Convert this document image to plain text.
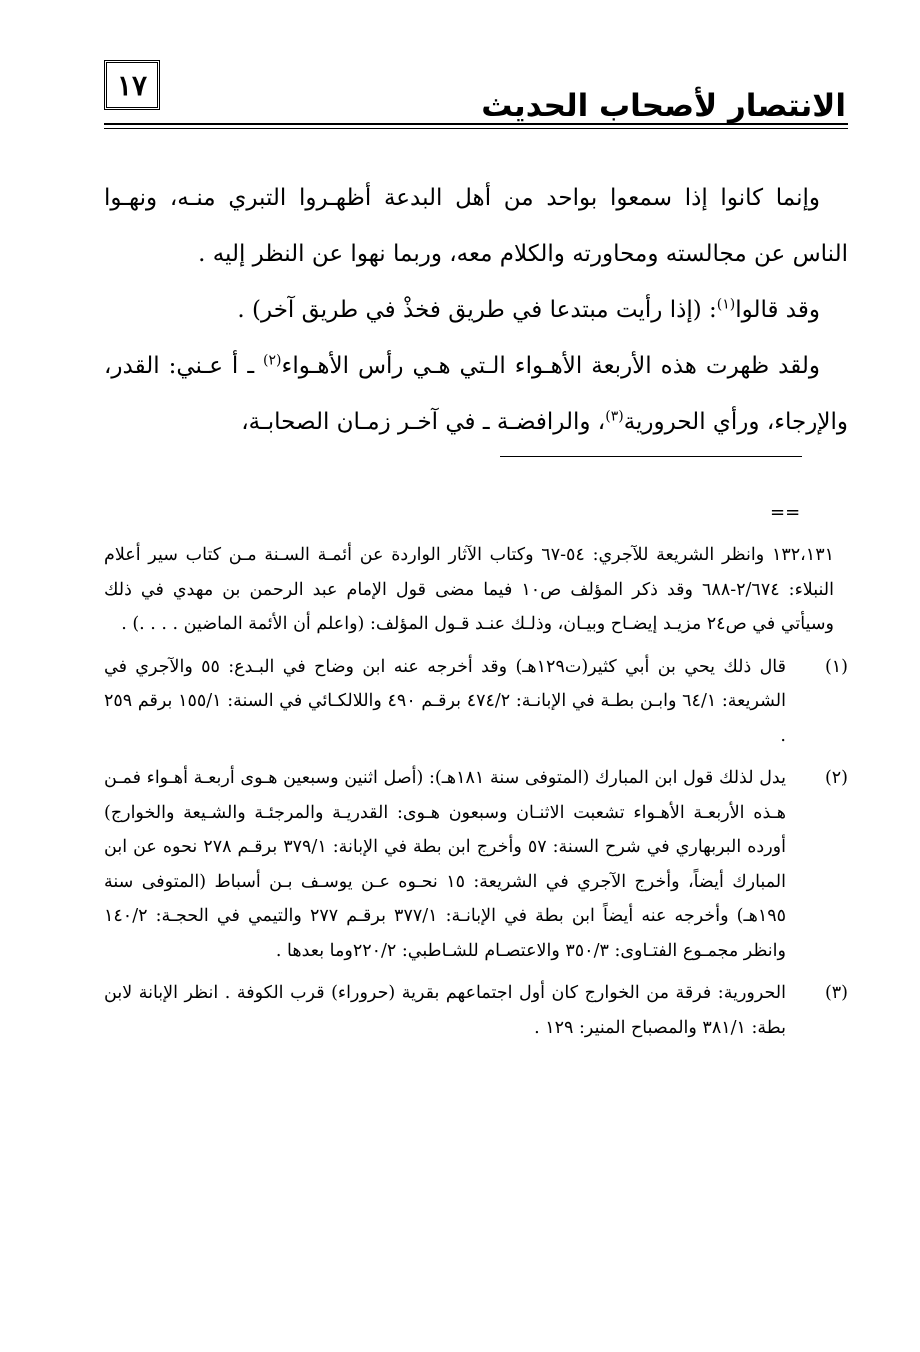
١٧
الانتصار لأصحاب الحديث

وإنما كانوا إذا سمعوا بواحد من أهل البدعة أظهـروا التبري منـه، ونهـوا الناس عن مجالسته ومحاورته والكلام معه، وربما نهوا عن النظر إليه .

وقد قالوا$^{(١)}$: (إذا رأيت مبتدعا في طريق فخذْ في طريق آخر) .

ولقد ظهرت هذه الأربعة الأهـواء الـتي هـي رأس الأهـواء$^{(٢)}$ ـ أ عـني: القدر، والإرجاء، ورأي الحرورية$^{(٣)}$، والرافضـة ـ في آخـر زمـان الصحابـة،

==

١٣٢،١٣١ وانظر الشريعة للآجري: ٥٤-٦٧ وكتاب الآثار الواردة عن أئمـة السـنة مـن كتاب سير أعلام النبلاء: ٢/٦٧٤-٦٨٨ وقد ذكر المؤلف ص١٠ فيما مضى قول الإمام عبد الرحمن بن مهدي في ذلك وسيأتي في ص٢٤ مزيـد إيضـاح وبيـان، وذلـك عنـد قـول المؤلف: (واعلم أن الأئمة الماضين . . . .) .

(١)

قال ذلك يحي بن أبي كثير(ت١٢٩هـ) وقد أخرجه عنه ابن وضاح في البـدع: ٥٥ والآجري في الشريعة: ٦٤/١ وابـن بطـة في الإبانـة: ٤٧٤/٢ برقـم ٤٩٠ واللالكـائي في السنة: ١٥٥/١ برقم ٢٥٩ .

(٢)

يدل لذلك قول ابن المبارك (المتوفى سنة ١٨١هـ): (أصل اثنين وسبعين هـوى أربعـة أهـواء فمـن هـذه الأربعـة الأهـواء تشعبت الاثنـان وسبعون هـوى: القدريـة والمرجئـة والشـيعة والخوارج) أورده البربهاري في شرح السنة: ٥٧ وأخرج ابن بطة في الإبانة: ٣٧٩/١ برقـم ٢٧٨ نحوه عن ابن المبارك أيضاً، وأخرج الآجري في الشريعة: ١٥ نحـوه عـن يوسـف بـن أسباط (المتوفى سنة ١٩٥هـ) وأخرجه عنه أيضاً ابن بطة في الإبانـة: ٣٧٧/١ برقـم ٢٧٧ والتيمي في الحجـة: ١٤٠/٢ وانظر مجمـوع الفتـاوى: ٣٥٠/٣ والاعتصـام للشـاطبي: ٢٢٠/٢وما بعدها .

(٣)

الحرورية: فرقة من الخوارج كان أول اجتماعهم بقرية (حروراء) قرب الكوفة . انظر الإبانة لابن بطة: ٣٨١/١ والمصباح المنير: ١٢٩ .
